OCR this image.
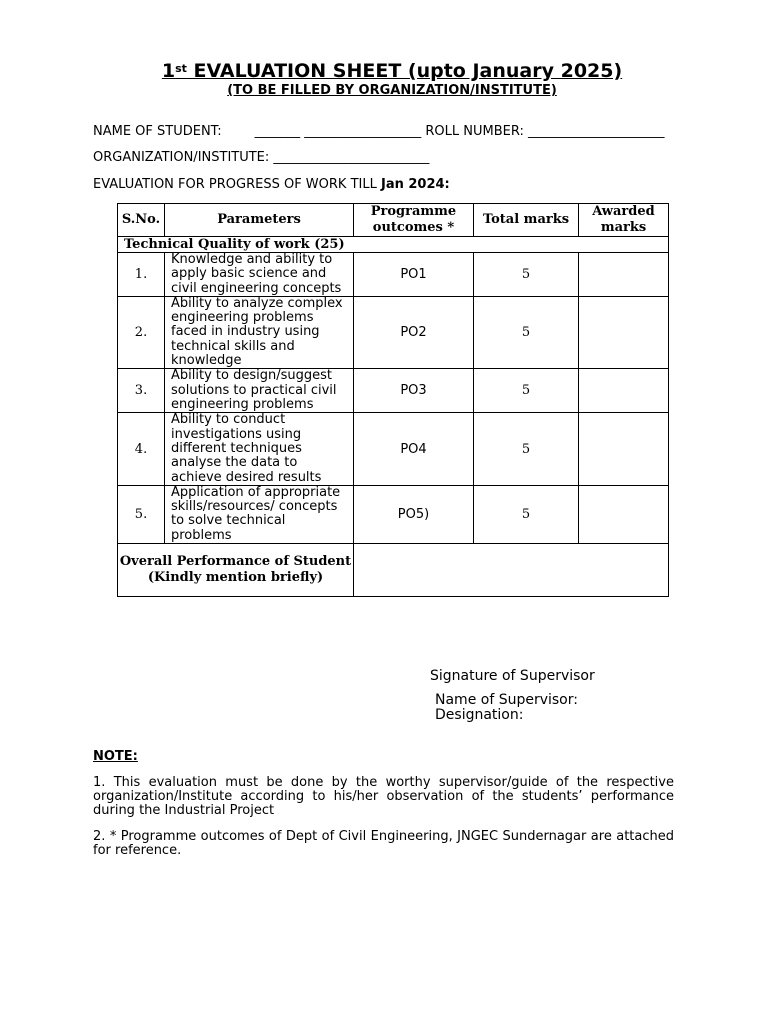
1st EVALUATION SHEET (upto January 2025)
(TO BE FILLED BY ORGANIZATION/INSTITUTE)
NAME OF STUDENT:        _______ __________________ ROLL NUMBER: _____________________
ORGANIZATION/INSTITUTE: ________________________
EVALUATION FOR PROGRESS OF WORK TILL Jan 2024:
S.No.	Parameters	Programme outcomes *	Total marks	Awarded marks
Technical Quality of work (25)				
1.	Knowledge and ability to apply basic science and civil engineering concepts	PO1	5	
2.	Ability to analyze complex engineering problems faced in industry using technical skills and knowledge	PO2	5	
3.	Ability to design/suggest solutions to practical civil engineering problems	PO3	5	
4.	Ability to conduct investigations using different techniques analyse the data to achieve desired results	PO4	5	
5.	Application of appropriate skills/resources/ concepts to solve technical problems	PO5)	5	

Overall Performance of Student
(Kindly mention briefly)				

Signature of Supervisor
Name of Supervisor:
Designation:
NOTE:
1. This evaluation must be done by the worthy supervisor/guide of the respective organization/Institute according to his/her observation of the students’ performance during the Industrial Project
2. * Programme outcomes of Dept of Civil Engineering, JNGEC Sundernagar are attached for reference.
